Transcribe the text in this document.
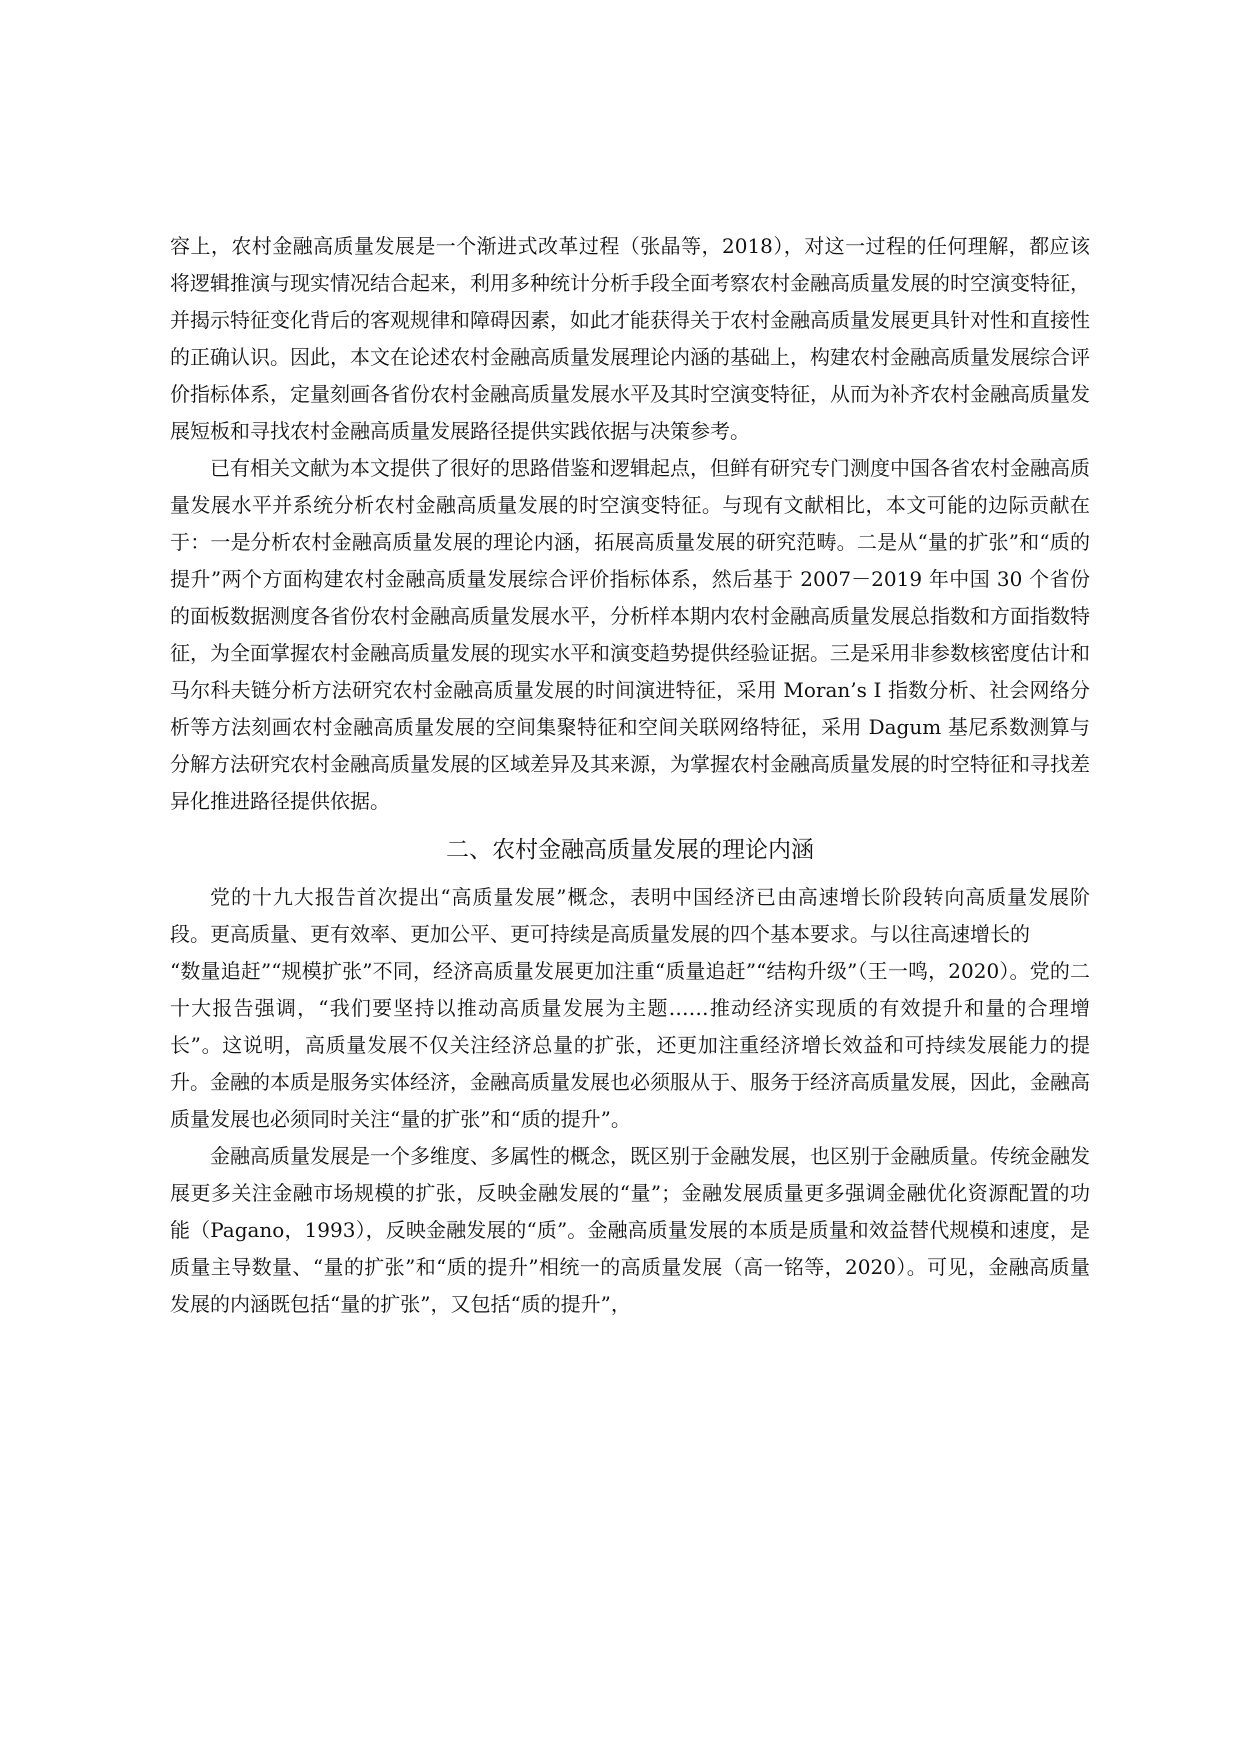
容上，农村金融高质量发展是一个渐进式改革过程（张晶等，2018），对这一过程的任何理解，都应该将逻辑推演与现实情况结合起来，利用多种统计分析手段全面考察农村金融高质量发展的时空演变特征，并揭示特征变化背后的客观规律和障碍因素，如此才能获得关于农村金融高质量发展更具针对性和直接性的正确认识。因此，本文在论述农村金融高质量发展理论内涵的基础上，构建农村金融高质量发展综合评价指标体系，定量刻画各省份农村金融高质量发展水平及其时空演变特征，从而为补齐农村金融高质量发展短板和寻找农村金融高质量发展路径提供实践依据与决策参考。

已有相关文献为本文提供了很好的思路借鉴和逻辑起点，但鲜有研究专门测度中国各省农村金融高质量发展水平并系统分析农村金融高质量发展的时空演变特征。与现有文献相比，本文可能的边际贡献在于：一是分析农村金融高质量发展的理论内涵，拓展高质量发展的研究范畴。二是从“量的扩张”和“质的提升”两个方面构建农村金融高质量发展综合评价指标体系，然后基于 2007－2019 年中国 30 个省份的面板数据测度各省份农村金融高质量发展水平，分析样本期内农村金融高质量发展总指数和方面指数特征，为全面掌握农村金融高质量发展的现实水平和演变趋势提供经验证据。三是采用非参数核密度估计和马尔科夫链分析方法研究农村金融高质量发展的时间演进特征，采用 Moran’s I 指数分析、社会网络分析等方法刻画农村金融高质量发展的空间集聚特征和空间关联网络特征，采用 Dagum 基尼系数测算与分解方法研究农村金融高质量发展的区域差异及其来源，为掌握农村金融高质量发展的时空特征和寻找差异化推进路径提供依据。

二、农村金融高质量发展的理论内涵

党的十九大报告首次提出“高质量发展”概念，表明中国经济已由高速增长阶段转向高质量发展阶段。更高质量、更有效率、更加公平、更可持续是高质量发展的四个基本要求。与以往高速增长的

“数量追赶”“规模扩张”不同，经济高质量发展更加注重“质量追赶”“结构升级”（王一鸣，2020）。党的二十大报告强调，“我们要坚持以推动高质量发展为主题……推动经济实现质的有效提升和量的合理增长”。这说明，高质量发展不仅关注经济总量的扩张，还更加注重经济增长效益和可持续发展能力的提升。金融的本质是服务实体经济，金融高质量发展也必须服从于、服务于经济高质量发展，因此，金融高质量发展也必须同时关注“量的扩张”和“质的提升”。

金融高质量发展是一个多维度、多属性的概念，既区别于金融发展，也区别于金融质量。传统金融发展更多关注金融市场规模的扩张，反映金融发展的“量”；金融发展质量更多强调金融优化资源配置的功能（Pagano，1993），反映金融发展的“质”。金融高质量发展的本质是质量和效益替代规模和速度，是质量主导数量、“量的扩张”和“质的提升”相统一的高质量发展（高一铭等，2020）。可见，金融高质量发展的内涵既包括“量的扩张”，又包括“质的提升”，
